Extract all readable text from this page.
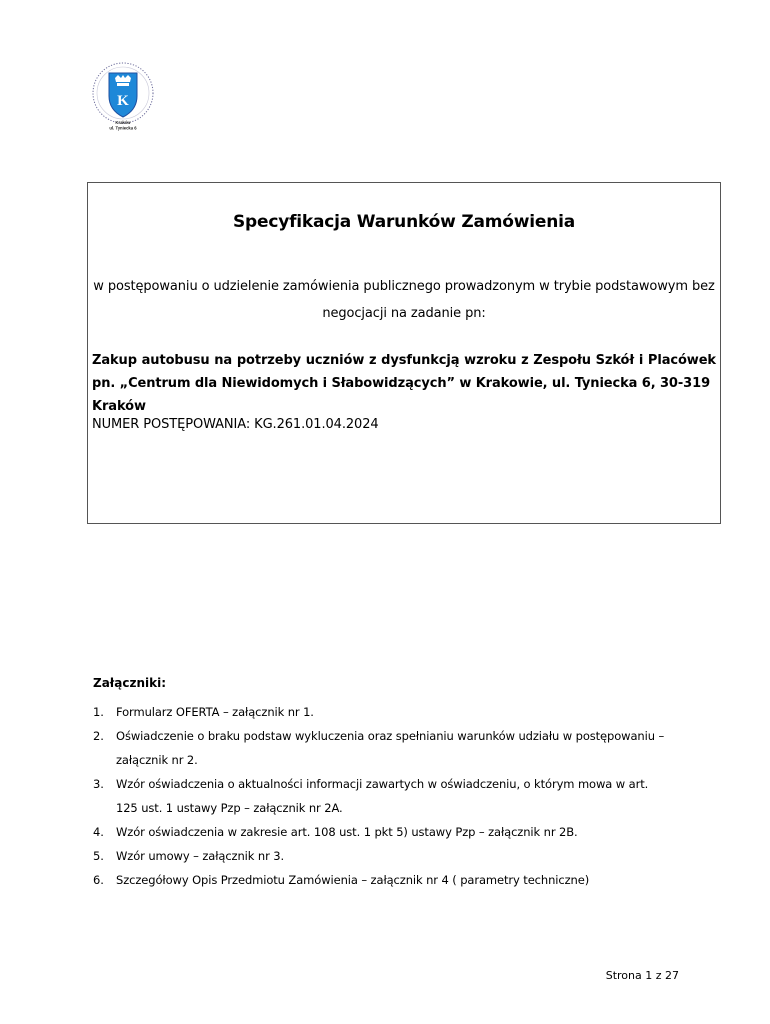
K
Kraków
ul. Tyniecka 6
Specyfikacja Warunków Zamówienia
w postępowaniu o udzielenie zamówienia publicznego prowadzonym w trybie podstawowym bez
negocjacji na zadanie pn:
Zakup autobusu na potrzeby uczniów z dysfunkcją wzroku z Zespołu Szkół i Placówek
pn. „Centrum dla Niewidomych i Słabowidzących” w Krakowie, ul. Tyniecka 6, 30-319 Kraków
NUMER POSTĘPOWANIA: KG.261.01.04.2024
Załączniki:
1. Formularz OFERTA – załącznik nr 1.
2. Oświadczenie o braku podstaw wykluczenia oraz spełnianiu warunków udziału w postępowaniu –
załącznik nr 2.
3. Wzór oświadczenia o aktualności informacji zawartych w oświadczeniu, o którym mowa w art.
125 ust. 1 ustawy Pzp – załącznik nr 2A.
4. Wzór oświadczenia w zakresie art. 108 ust. 1 pkt 5) ustawy Pzp – załącznik nr 2B.
5. Wzór umowy – załącznik nr 3.
6. Szczegółowy Opis Przedmiotu Zamówienia – załącznik nr 4 ( parametry techniczne)
Strona 1 z 27
